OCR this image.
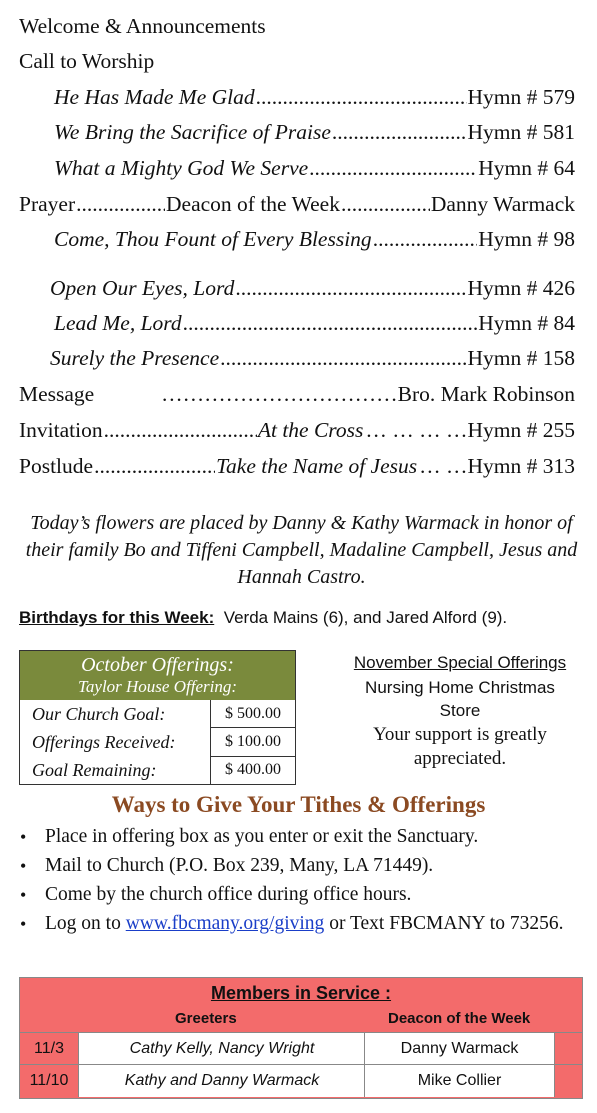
Welcome & Announcements
Call to Worship
He Has Made Me Glad .....	Hymn # 579
We Bring the Sacrifice of Praise .....	Hymn # 581
What a Mighty God We Serve .....	Hymn # 64
Prayer .....	Deacon of the Week .....	Danny Warmack
Come, Thou Fount of Every Blessing .....	Hymn # 98
Open Our Eyes, Lord .....	Hymn # 426
Lead Me, Lord .....	Hymn # 84
Surely the Presence .....	Hymn # 158
Message	…………………………… Bro. Mark Robinson
Invitation .....	At the Cross … … … … Hymn # 255
Postlude .....	Take the Name of Jesus … … Hymn # 313
Today’s flowers are placed by Danny & Kathy Warmack in honor of their family Bo and Tiffeni Campbell, Madaline Campbell, Jesus and Hannah Castro.
Birthdays for this Week: Verda Mains (6), and Jared Alford (9).
October Offerings:
Taylor House Offering:
Our Church Goal:	$ 500.00
Offerings Received:	$ 100.00
Goal Remaining:	$ 400.00
November Special Offerings
Nursing Home Christmas
Store
Your support is greatly appreciated.
Ways to Give Your Tithes & Offerings
• Place in offering box as you enter or exit the Sanctuary.
• Mail to Church (P.O. Box 239, Many, LA 71449).
• Come by the church office during office hours.
• Log on to www.fbcmany.org/giving or Text FBCMANY to 73256.
Members in Service :
Greeters	Deacon of the Week
11/3	Cathy Kelly, Nancy Wright	Danny Warmack
11/10	Kathy and Danny Warmack	Mike Collier
